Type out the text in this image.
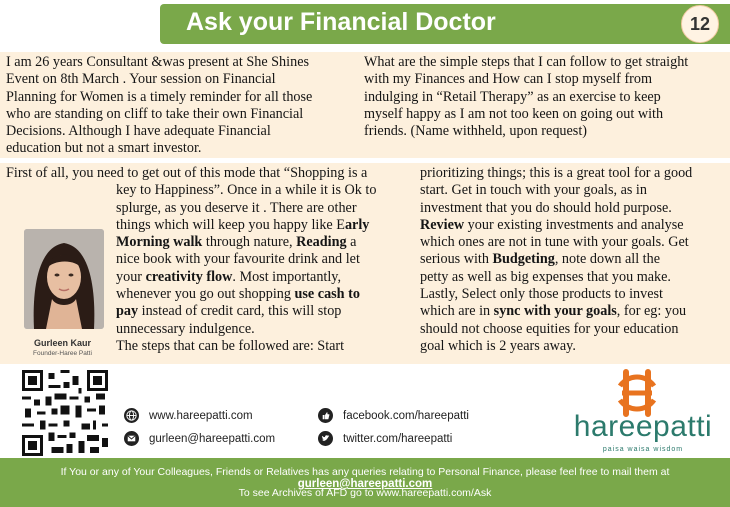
Ask your Financial Doctor	12
I am 26 years Consultant &was present at She Shines
Event on 8th March . Your session on Financial
Planning for Women is a timely reminder for all those
who are standing on cliff to take their own Financial
Decisions. Although I have adequate Financial
education but not a smart investor.
What are the simple steps that I can follow to get straight
with my Finances and How can I stop myself from
indulging in “Retail Therapy” as an exercise to keep
myself happy as I am not too keen on going out with
friends. (Name withheld, upon request)
First of all, you need to get out of this mode that “Shopping is a
key to Happiness”. Once in a while it is Ok to
splurge, as you deserve it . There are other
things which will keep you happy like Early
Morning walk through nature, Reading a
nice book with your favourite drink and let
your creativity flow. Most importantly,
whenever you go out shopping use cash to
pay instead of credit card, this will stop
unnecessary indulgence.
The steps that can be followed are: Start
Gurleen Kaur
Founder-Haree Patti
prioritizing things; this is a great tool for a good
start. Get in touch with your goals, as in
investment that you do should hold purpose.
Review your existing investments and analyse
which ones are not in tune with your goals. Get
serious with Budgeting, note down all the
petty as well as big expenses that you make.
Lastly, Select only those products to invest
which are in sync with your goals, for eg: you
should not choose equities for your education
goal which is 2 years away.
www.hareepatti.com
gurleen@hareepatti.com
facebook.com/hareepatti
twitter.com/hareepatti	hareepatti
paisa waisa wisdom
If You or any of Your Colleagues, Friends or Relatives has any queries relating to Personal Finance, please feel free to mail them at gurleen@hareepatti.com
To see Archives of AFD go to www.hareepatti.com/Ask
